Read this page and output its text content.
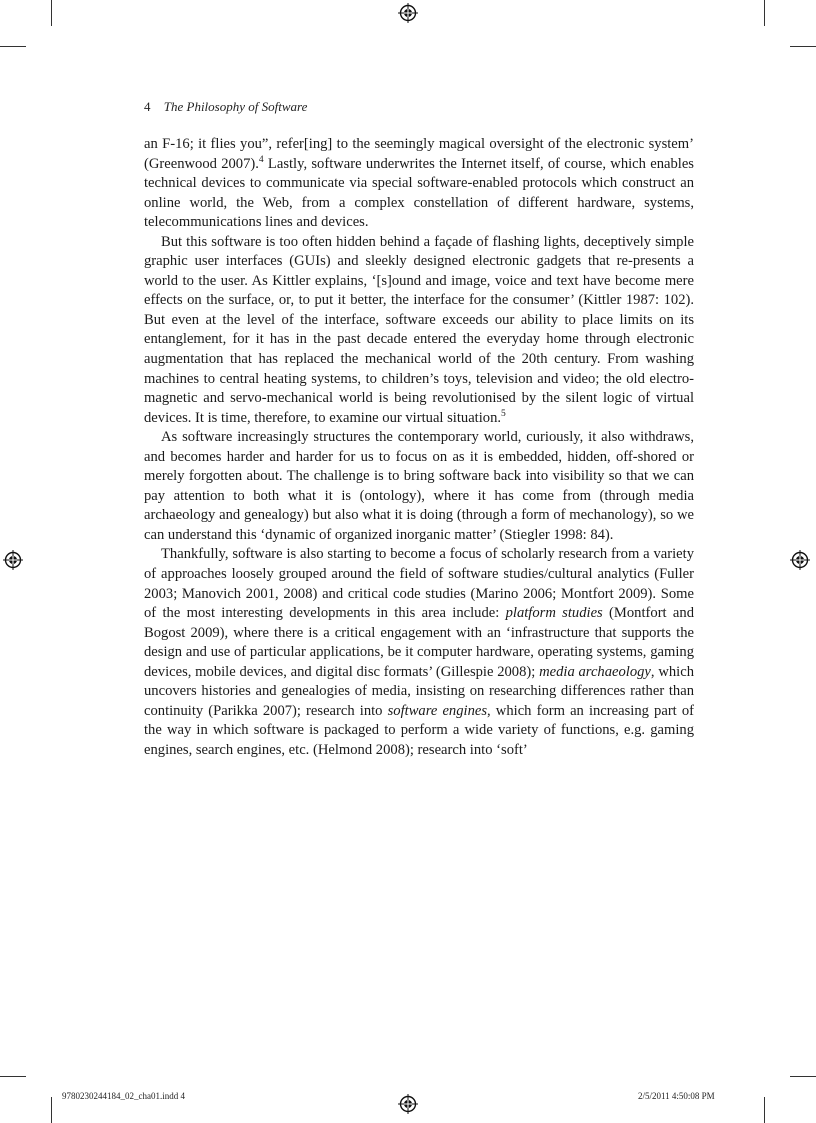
4 The Philosophy of Software

an F-16; it flies you”, refer[ing] to the seemingly magical oversight of the electronic system’ (Greenwood 2007).$^4$ Lastly, software underwrites the Internet itself, of course, which enables technical devices to communicate via special software-enabled protocols which construct an online world, the Web, from a complex constellation of different hardware, systems, telecommunications lines and devices.

But this software is too often hidden behind a façade of flashing lights, deceptively simple graphic user interfaces (GUIs) and sleekly designed electronic gadgets that re-presents a world to the user. As Kittler explains, ‘[s]ound and image, voice and text have become mere effects on the surface, or, to put it better, the interface for the consumer’ (Kittler 1987: 102). But even at the level of the interface, software exceeds our ability to place limits on its entanglement, for it has in the past decade entered the everyday home through electronic augmentation that has replaced the mechanical world of the 20th century. From washing machines to central heating systems, to children’s toys, television and video; the old electro-magnetic and servo-mechanical world is being revolutionised by the silent logic of virtual devices. It is time, therefore, to examine our virtual situation.$^5$

As software increasingly structures the contemporary world, curiously, it also withdraws, and becomes harder and harder for us to focus on as it is embedded, hidden, off-shored or merely forgotten about. The challenge is to bring software back into visibility so that we can pay attention to both what it is (ontology), where it has come from (through media archaeology and genealogy) but also what it is doing (through a form of mechanology), so we can understand this ‘dynamic of organized inorganic matter’ (Stiegler 1998: 84).

Thankfully, software is also starting to become a focus of scholarly research from a variety of approaches loosely grouped around the field of software studies/cultural analytics (Fuller 2003; Manovich 2001, 2008) and critical code studies (Marino 2006; Montfort 2009). Some of the most interesting developments in this area include: platform studies (Montfort and Bogost 2009), where there is a critical engagement with an ‘infrastructure that supports the design and use of particular applications, be it computer hardware, operating systems, gaming devices, mobile devices, and digital disc formats’ (Gillespie 2008); media archaeology, which uncovers histories and genealogies of media, insisting on researching differences rather than continuity (Parikka 2007); research into software engines, which form an increasing part of the way in which software is packaged to perform a wide variety of functions, e.g. gaming engines, search engines, etc. (Helmond 2008); research into ‘soft’

9780230244184_02_cha01.indd 4	2/5/2011 4:50:08 PM
